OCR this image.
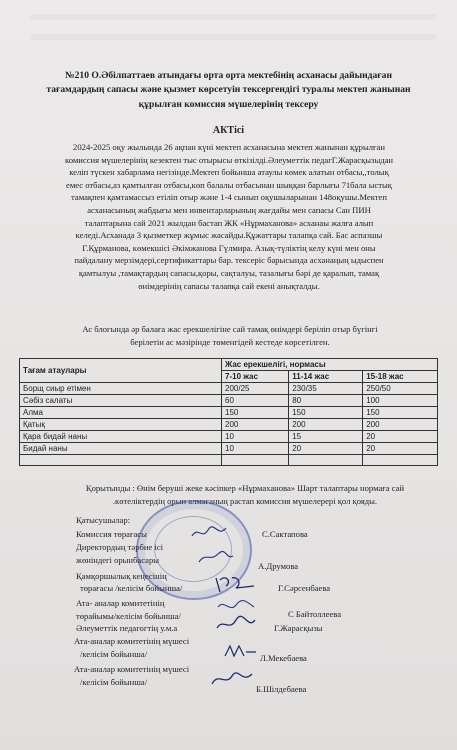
№210 О.Әбілпаттаев атындағы орта орта мектебінің асханасы дайындаған
тағамдардың сапасы және қызмет көрсетуін тексергендігі туралы мектеп жанынан
құрылған комиссия мүшелерінің тексеру
АКТісі

2024-2025 оқу жылында 26 ақпан күні мектеп асханасына мектеп жанынан құрылған

комиссия мүшелерінің кезектен тыс отырысы өткізілді.Әлеуметтік педагГ.Жарасқызыдан

келіп түскен хабарлама негізінде.Мектеп бойынша атаулы көмек алатын отбасы,,толық

емес отбасы,аз қамтылған отбасы,көп балалы отбасынан шыққан барлығы 71бала ыстық

тамақпен қамтамассыз етіліп отыр және 1-4 сынып оқушыларынан 148оқушы.Мектеп

асханасының жабдығы мен инвентарларының жағдайы мен сапасы Сан ПИН

талаптарына сай 2021 жылдан бастап ЖК «Нұрмаханова» асханаы жалға алып

келеді.Асханада 3 қызметкер жұмыс жасайды.Құжаттары талапқа сай. Бас аспазшы

Г.Құрманова, көмекшісі Әкімжанова Гүлмира. Азық-түліктің келу күні мен оны

пайдалану мерзімдері,сертификаттары бар. тексеріс барысында асханаңың ыдыспен

қамтылуы ,тамақтардың сапасы,қоры, сақталуы, тазалығы бәрі де қаралып, тамақ

өнімдерінің сапасы талапқа сай екені анықталды.

Ас блогында әр балаға жас ерекшелігіне сай тамақ өнімдері беріліп отыр бүгінгі

берілетін ас мәзірінде төменгідей кестеде көрсетілген.

Тағам атаулары	Жас ерекшелігі, нормасы		
	7-10 жас	11-14 жас	15-18 жас
Борщ сиыр етімен	200/25	230/35	250/50
Сәбіз салаты	60	80	100
Алма	150	150	150
Қатық	200	200	200
Қара бидай наны	10	15	20
Бидай наны	10	20	20

Қорытынды : Өнім беруші жеке кәсіпкер «Нұрмаханова» Шарт талаптары нормаға сай

.көтеліктердің орын алмағаның растап комиссия мүшелерері қол қояды.

Қатысушылар:
Комиссия төрағасы	С.Сактапова
Директордың тәрбие ісі
жөніндегі орынбасары
А.Друмова
Қамқоршылық кеңесінің
төрағасы /келісім бойынша/	Г.Сәрсенбаева
Ата- аналар комитетінің
төрайымы/келісім бойынша/	С Байтоллеева
Әлеуметтік педагогтің у.м.а	Г.Жарасқызы
Ата-аналар комитетінің мүшесі
/келісім бойынша/	Л.Мекебаева
Ата-аналар комитетінің мүшесі
/келісім бойынша/
Б.Шілдебаева
